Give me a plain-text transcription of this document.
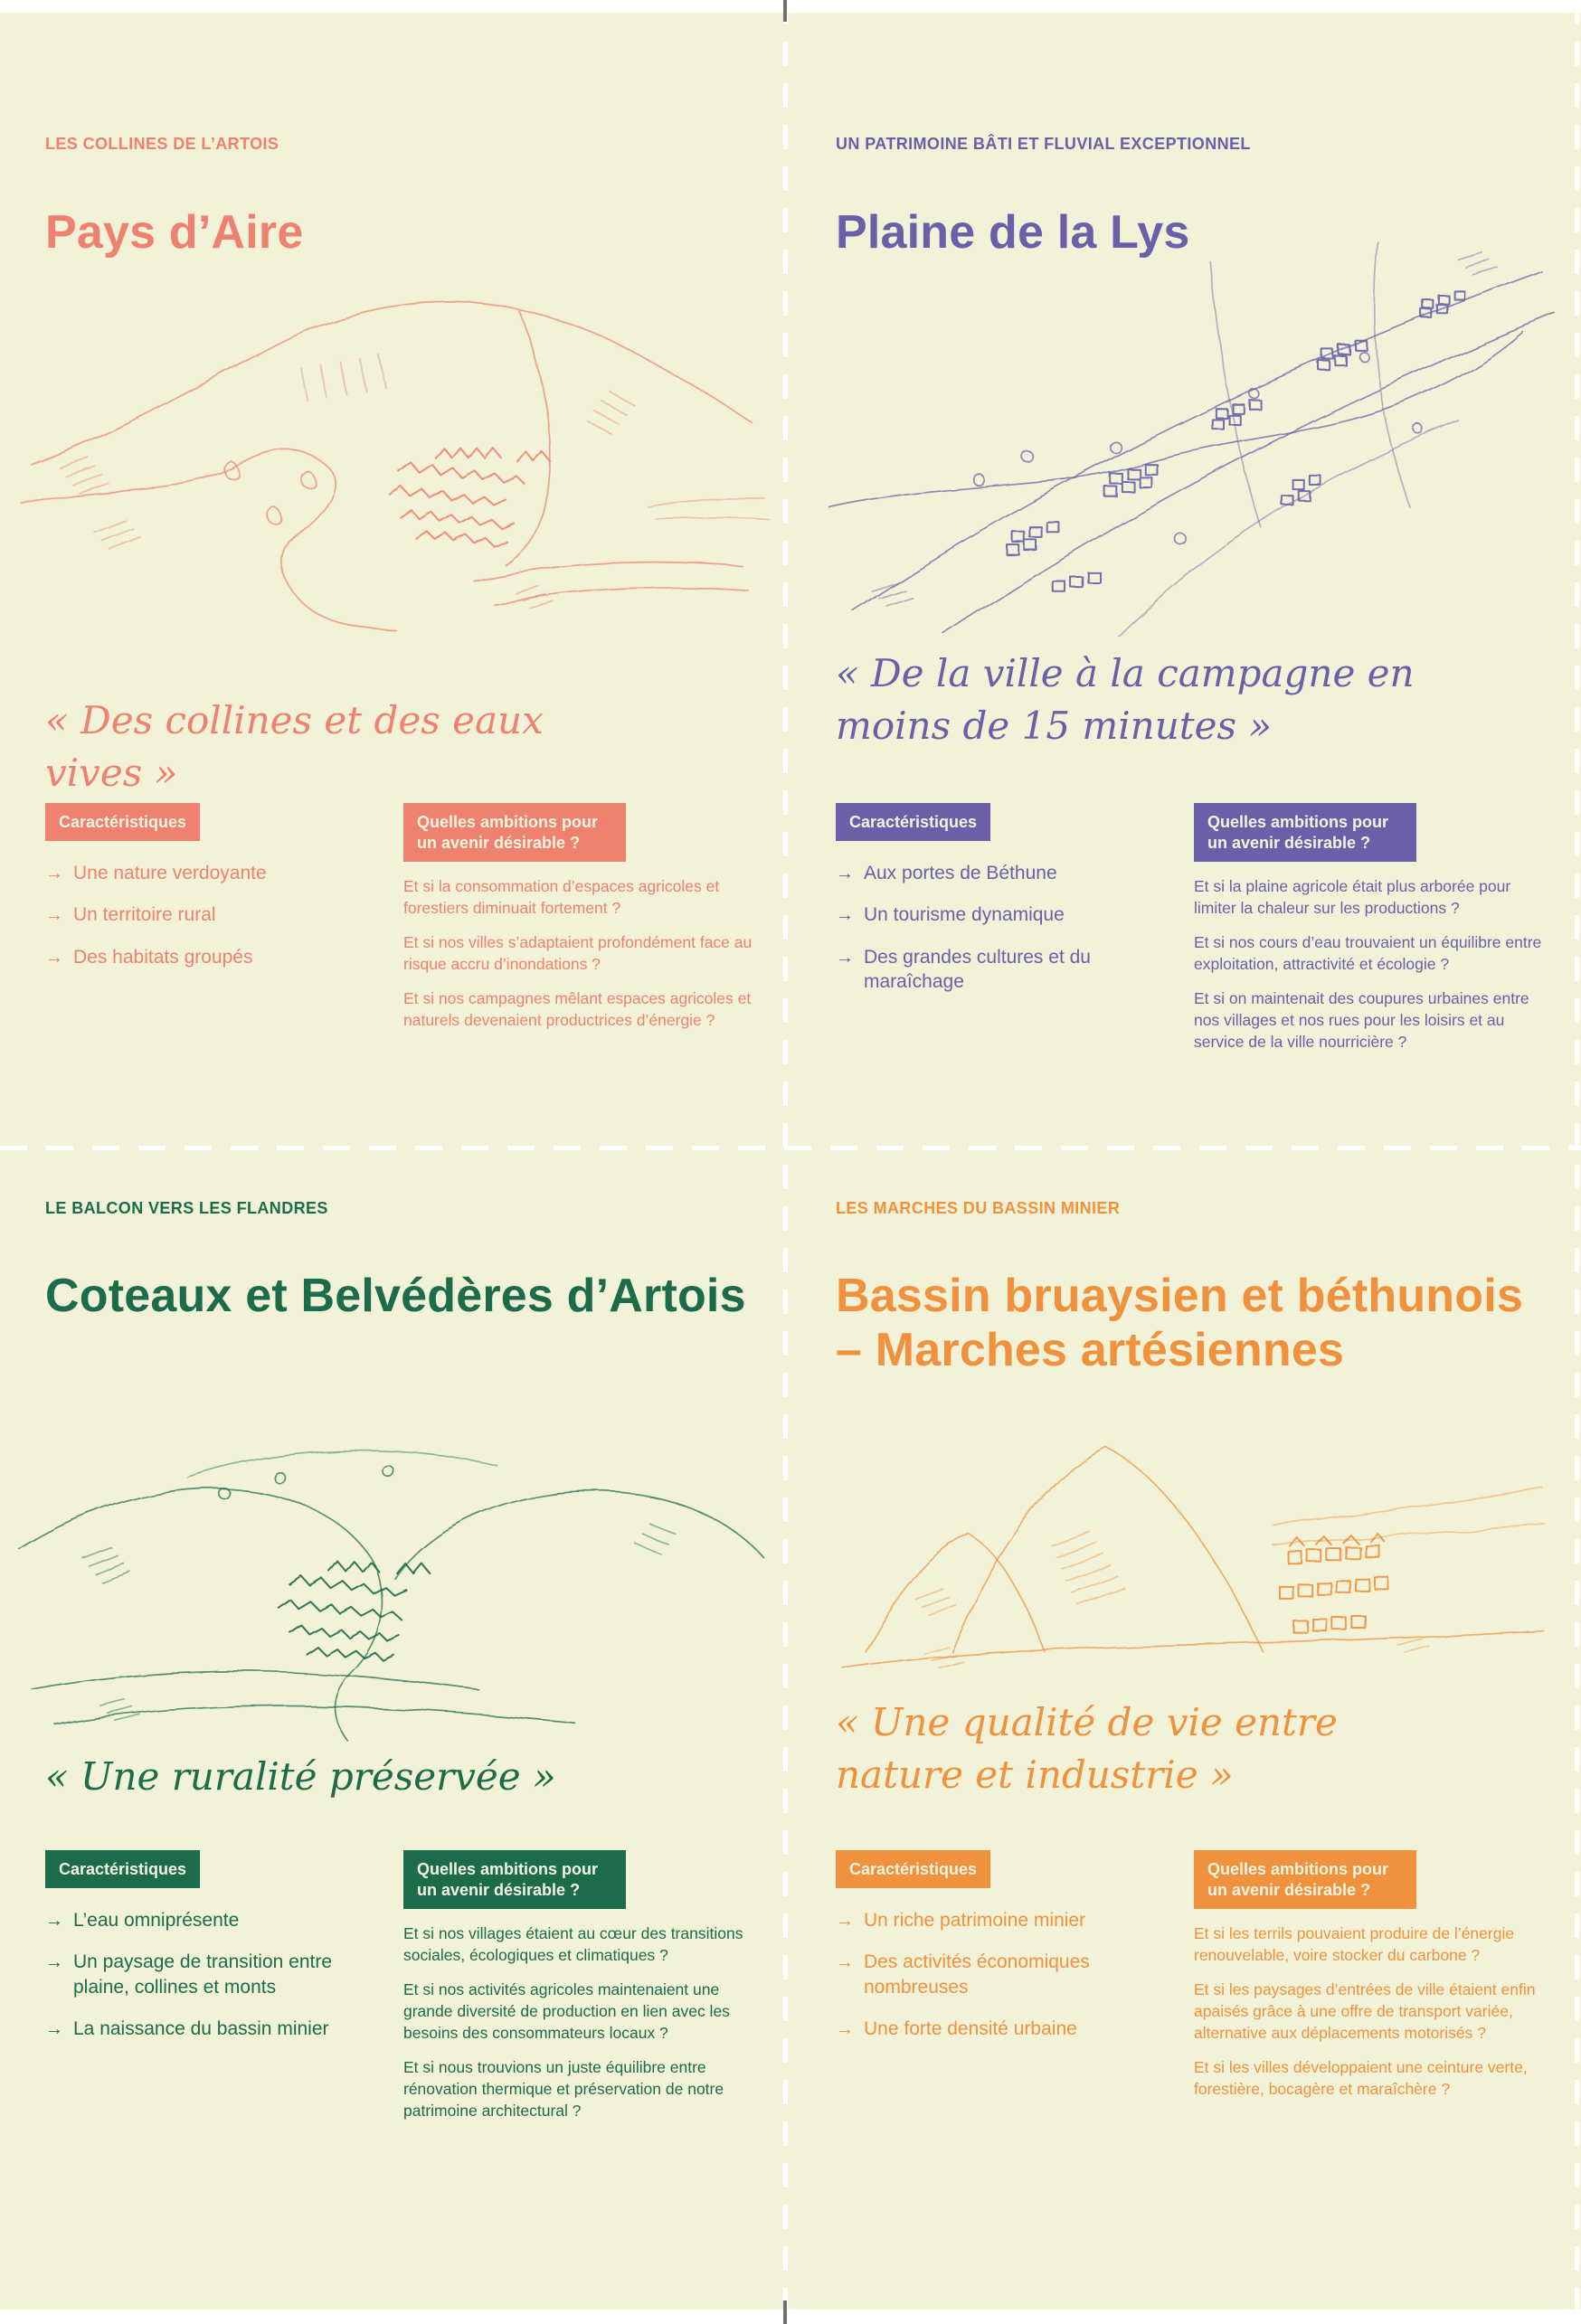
LES COLLINES DE L’ARTOIS
Pays d’Aire
« Des collines et des eaux vives »
Caractéristiques
→ Une nature verdoyante
→ Un territoire rural
→ Des habitats groupés
Quelles ambitions pour un avenir désirable ?

Et si la consommation d’espaces agricoles et forestiers diminuait fortement ?

Et si nos villes s’adaptaient profondément face au risque accru d’inondations ?

Et si nos campagnes mêlant espaces agricoles et naturels devenaient productrices d’énergie ?

UN PATRIMOINE BÂTI ET FLUVIAL EXCEPTIONNEL
Plaine de la Lys
« De la ville à la campagne en moins de 15 minutes »
Caractéristiques
→ Aux portes de Béthune
→ Un tourisme dynamique
→ Des grandes cultures et du maraîchage
Quelles ambitions pour un avenir désirable ?

Et si la plaine agricole était plus arborée pour limiter la chaleur sur les productions ?

Et si nos cours d’eau trouvaient un équilibre entre exploitation, attractivité et écologie ?

Et si on maintenait des coupures urbaines entre nos villages et nos rues pour les loisirs et au service de la ville nourricière ?

LE BALCON VERS LES FLANDRES
Coteaux et Belvédères d’Artois
« Une ruralité préservée »
Caractéristiques
→ L’eau omniprésente
→ Un paysage de transition entre plaine, collines et monts
→ La naissance du bassin minier
Quelles ambitions pour un avenir désirable ?

Et si nos villages étaient au cœur des transitions sociales, écologiques et climatiques ?

Et si nos activités agricoles maintenaient une grande diversité de production en lien avec les besoins des consommateurs locaux ?

Et si nous trouvions un juste équilibre entre rénovation thermique et préservation de notre patrimoine architectural ?

LES MARCHES DU BASSIN MINIER
Bassin bruaysien et béthunois – Marches artésiennes
« Une qualité de vie entre nature et industrie »
Caractéristiques
→ Un riche patrimoine minier
→ Des activités économiques nombreuses
→ Une forte densité urbaine
Quelles ambitions pour un avenir désirable ?

Et si les terrils pouvaient produire de l’énergie renouvelable, voire stocker du carbone ?

Et si les paysages d’entrées de ville étaient enfin apaisés grâce à une offre de transport variée, alternative aux déplacements motorisés ?

Et si les villes développaient une ceinture verte, forestière, bocagère et maraîchère ?
